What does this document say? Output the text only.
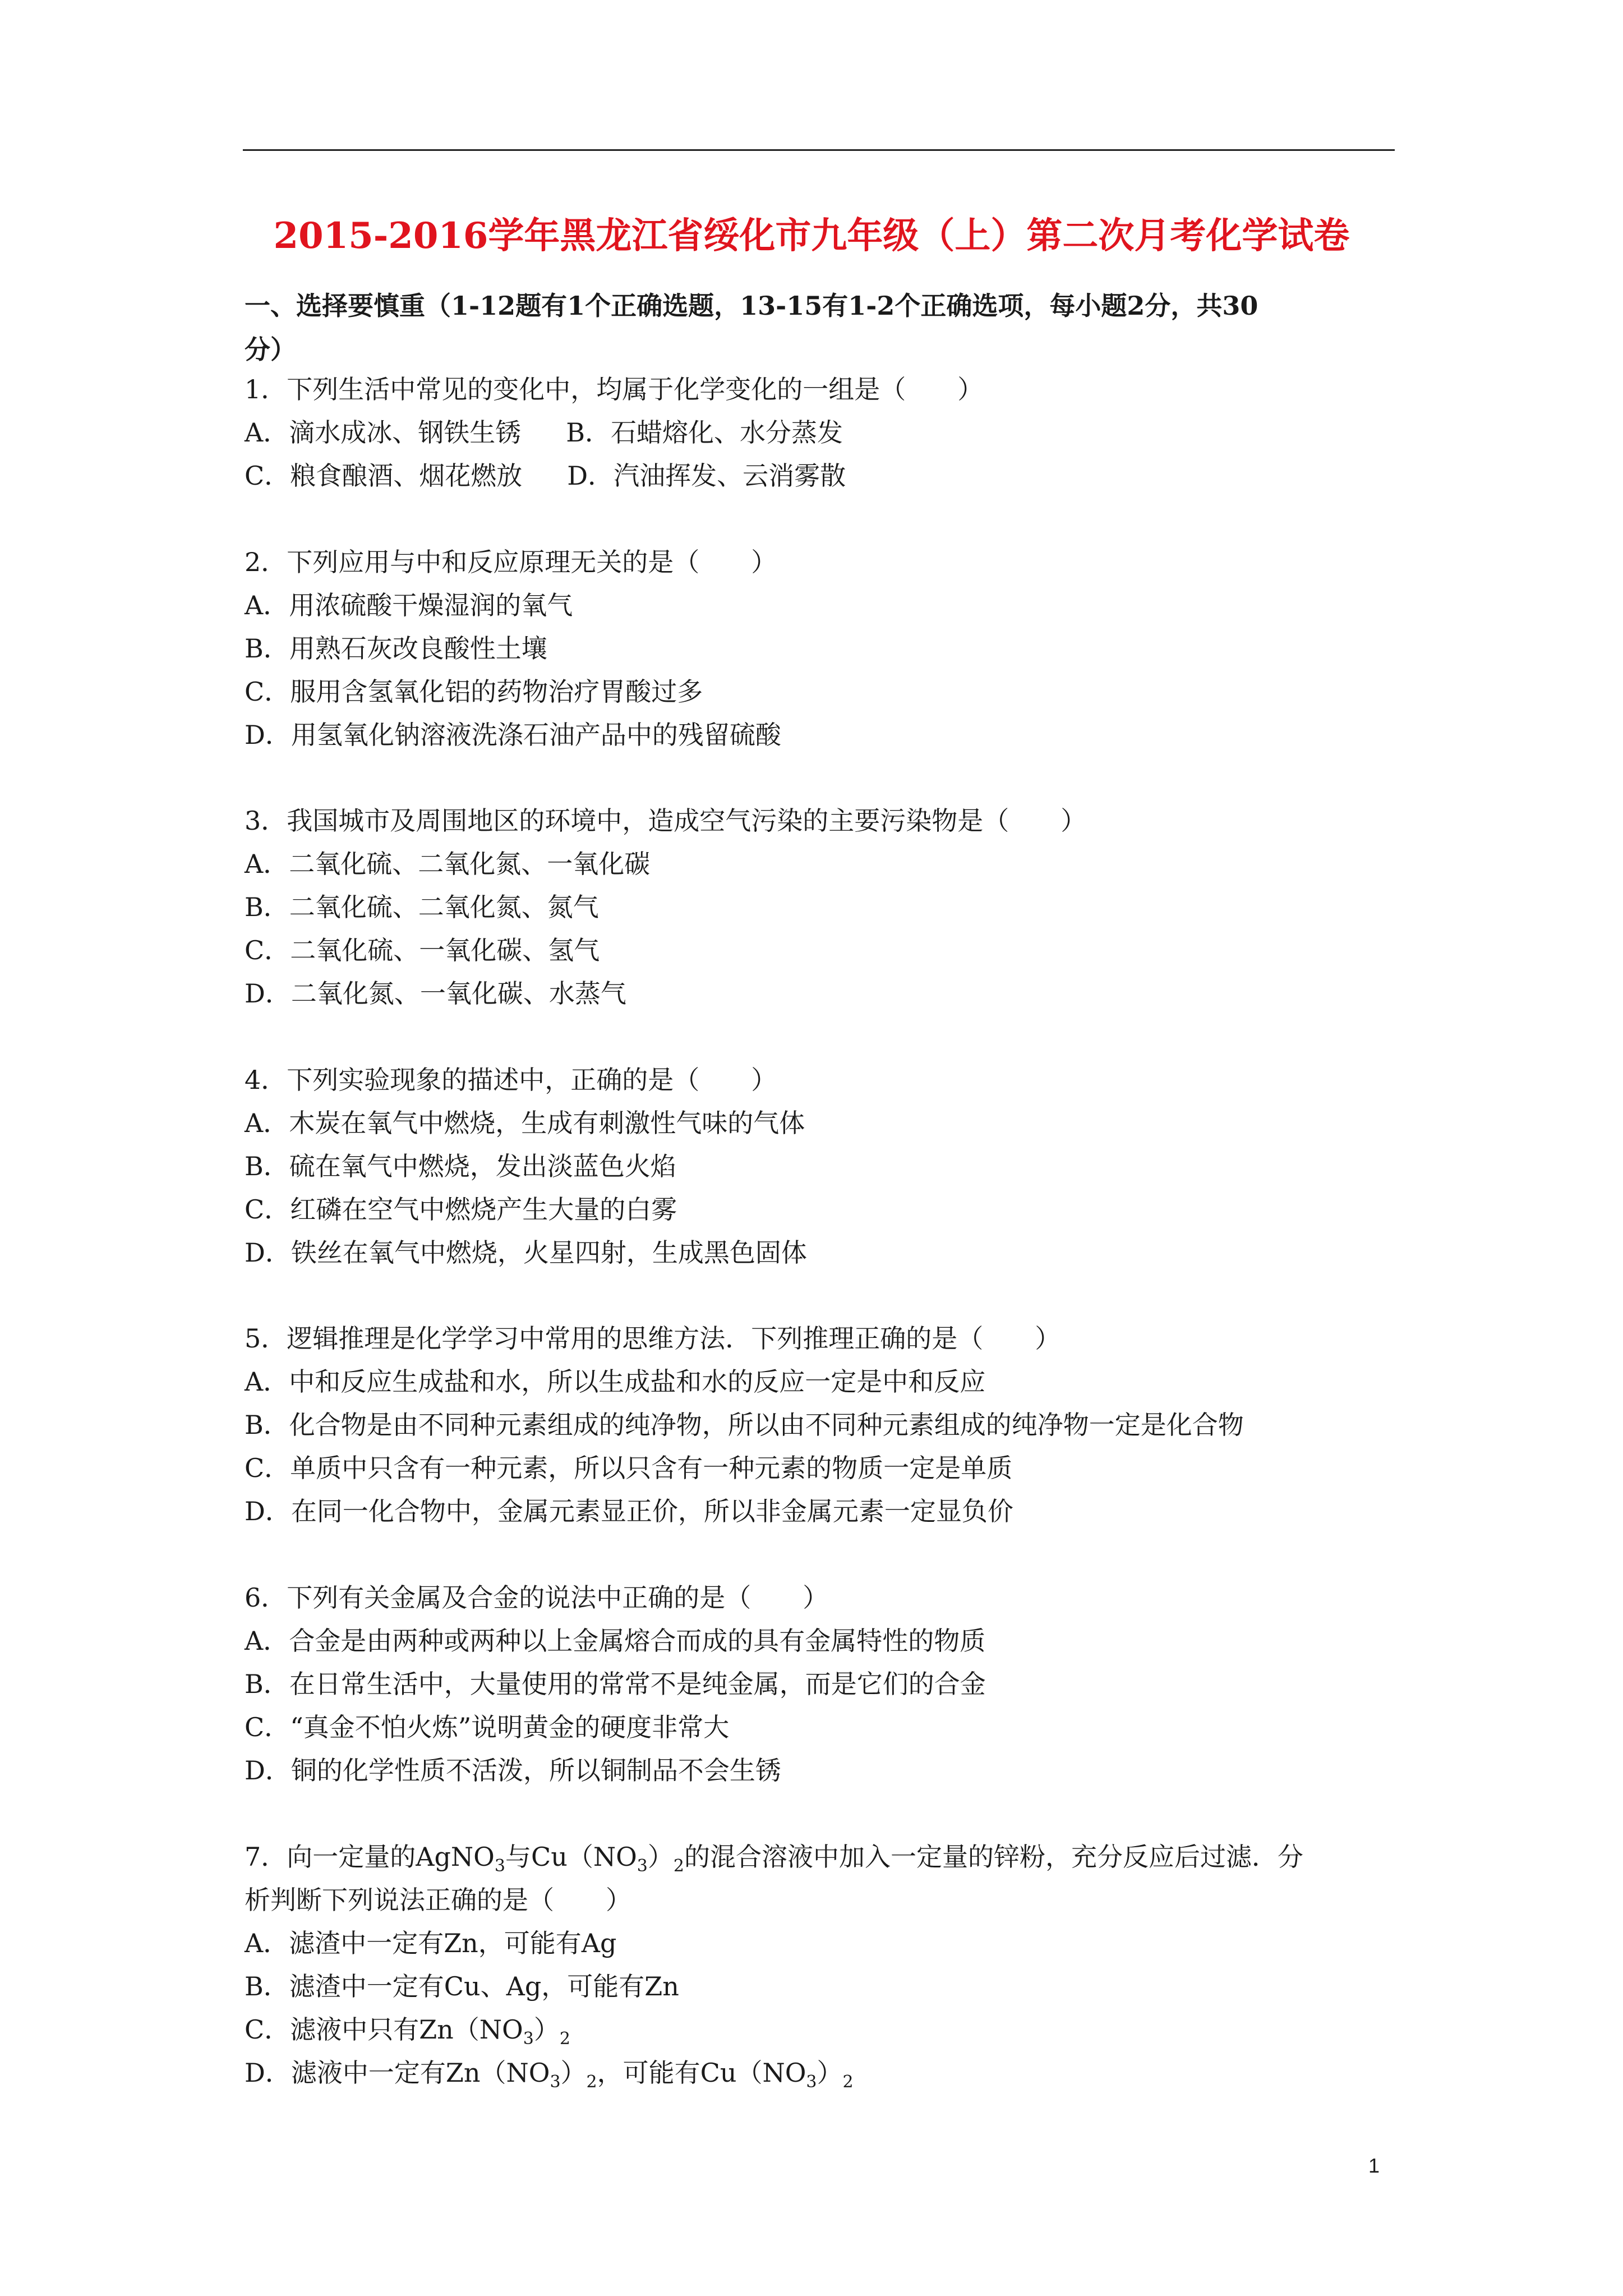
2015-2016学年黑龙江省绥化市九年级（上）第二次月考化学试卷
一、选择要慎重（1-12题有1个正确选题，13-15有1-2个正确选项，每小题2分，共30
分）
1．下列生活中常见的变化中，均属于化学变化的一组是（　　）
A．滴水成冰、钢铁生锈 B．石蜡熔化、水分蒸发
C．粮食酿酒、烟花燃放 D．汽油挥发、云消雾散
2．下列应用与中和反应原理无关的是（　　）
A．用浓硫酸干燥湿润的氧气
B．用熟石灰改良酸性土壤
C．服用含氢氧化铝的药物治疗胃酸过多
D．用氢氧化钠溶液洗涤石油产品中的残留硫酸
3．我国城市及周围地区的环境中，造成空气污染的主要污染物是（　　）
A．二氧化硫、二氧化氮、一氧化碳
B．二氧化硫、二氧化氮、氮气
C．二氧化硫、一氧化碳、氢气
D．二氧化氮、一氧化碳、水蒸气
4．下列实验现象的描述中，正确的是（　　）
A．木炭在氧气中燃烧，生成有刺激性气味的气体
B．硫在氧气中燃烧，发出淡蓝色火焰
C．红磷在空气中燃烧产生大量的白雾
D．铁丝在氧气中燃烧，火星四射，生成黑色固体
5．逻辑推理是化学学习中常用的思维方法．下列推理正确的是（　　）
A．中和反应生成盐和水，所以生成盐和水的反应一定是中和反应
B．化合物是由不同种元素组成的纯净物，所以由不同种元素组成的纯净物一定是化合物
C．单质中只含有一种元素，所以只含有一种元素的物质一定是单质
D．在同一化合物中，金属元素显正价，所以非金属元素一定显负价
6．下列有关金属及合金的说法中正确的是（　　）
A．合金是由两种或两种以上金属熔合而成的具有金属特性的物质
B．在日常生活中，大量使用的常常不是纯金属，而是它们的合金
C．“真金不怕火炼”说明黄金的硬度非常大
D．铜的化学性质不活泼，所以铜制品不会生锈
7．向一定量的AgNO$_3$与$Cu(NO_3)_2$的混合溶液中加入一定量的锌粉，充分反应后过滤．分
析判断下列说法正确的是（　　）
A．滤渣中一定有Zn，可能有Ag
B．滤渣中一定有Cu、Ag，可能有Zn
C．滤液中只有$Zn(NO_3)_2$
D．滤液中一定有$Zn(NO_3)_2$，可能有$Cu(NO_3)_2$
1
